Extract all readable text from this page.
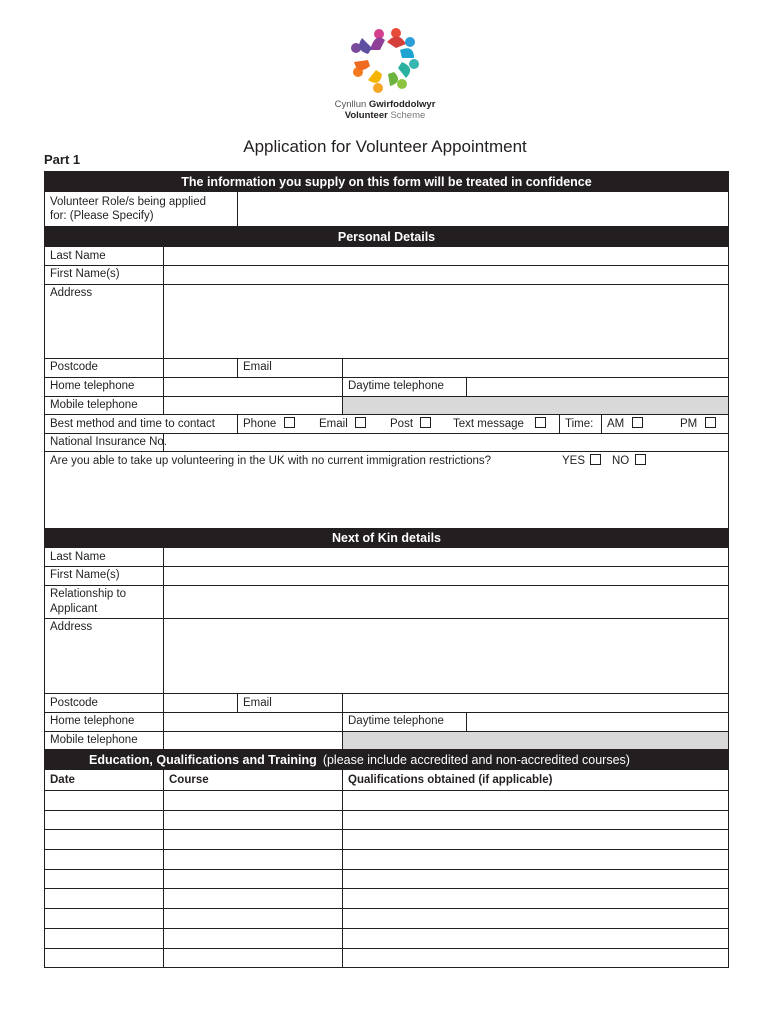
Cynllun Gwirfoddolwyr
Volunteer Scheme
Application for Volunteer Appointment
Part 1
The information you supply on this form will be treated in confidence
Volunteer Role/s being applied
for: (Please Specify)
Personal Details
Last Name
First Name(s)
Address
Postcode	Email
Home telephone	Daytime telephone
Mobile telephone
Best method and time to contact Phone	Email	Post	Text message	Time: AM	PM
National Insurance No.
Are you able to take up volunteering in the UK with no current immigration restrictions?	YES NO
Next of Kin details
Last Name
First Name(s)
Relationship to
Applicant
Address
Postcode	Email
Home telephone	Daytime telephone
Mobile telephone
Education, Qualifications and Training (please include accredited and non-accredited courses)
Date	Course	Qualifications obtained (if applicable)
